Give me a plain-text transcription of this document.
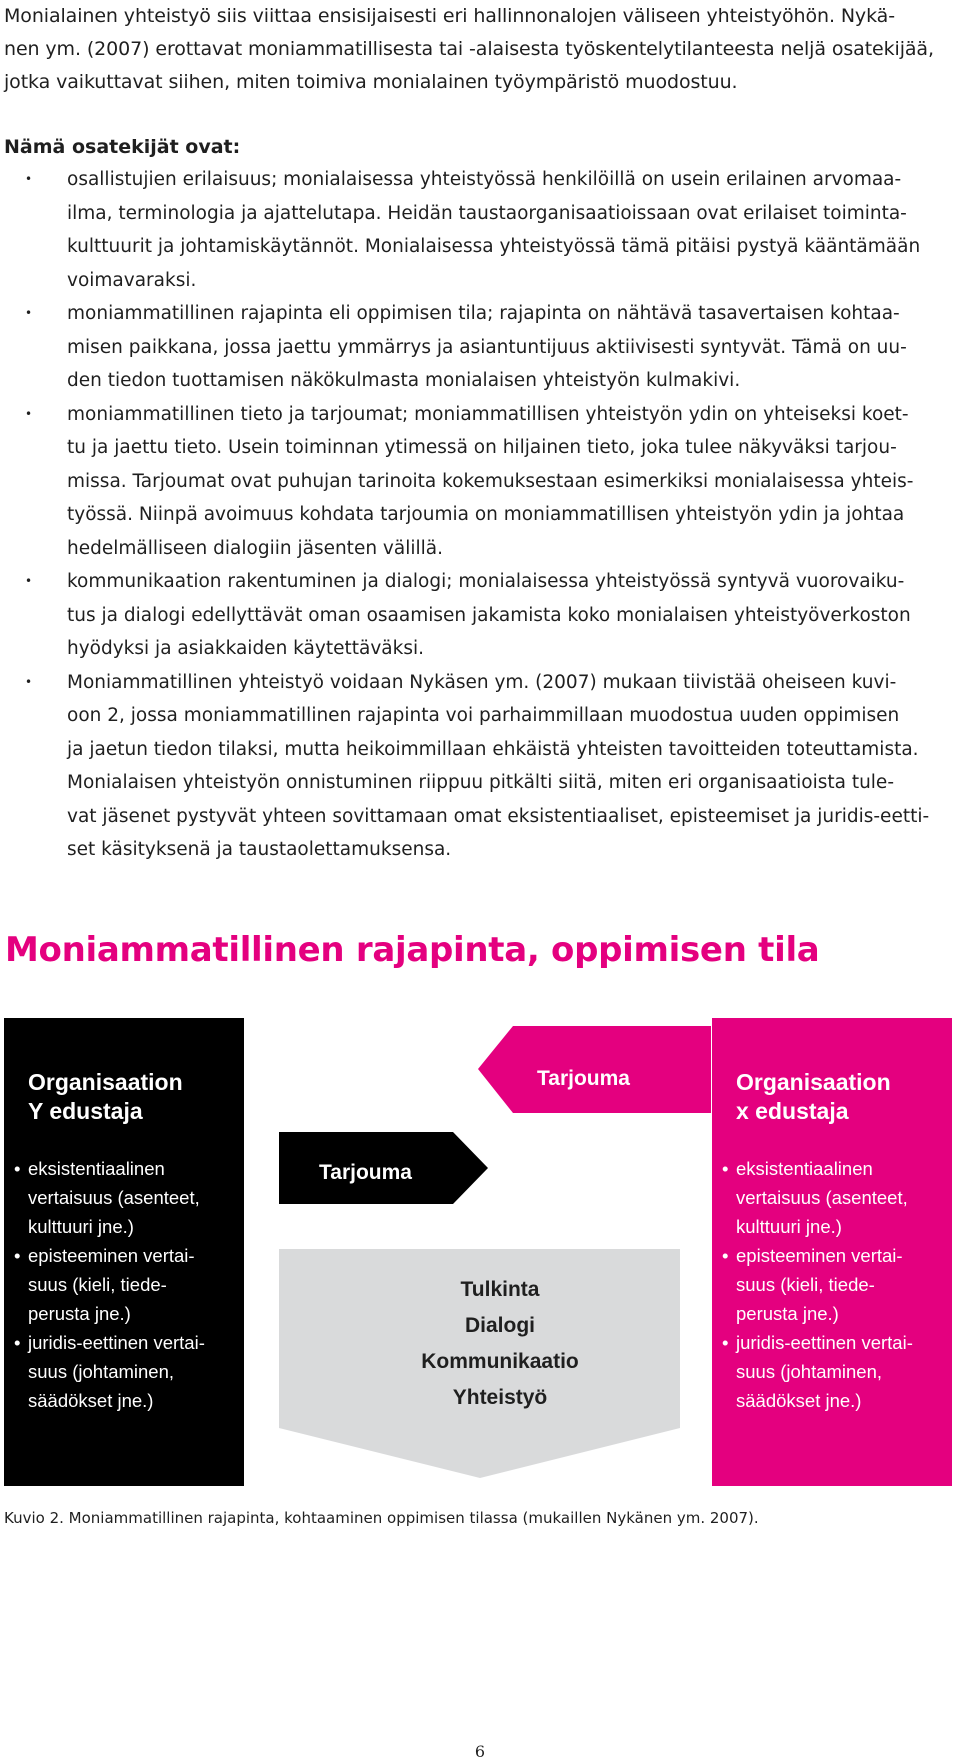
Monialainen yhteistyö siis viittaa ensisijaisesti eri hallinnonalojen väliseen yhteistyöhön. Nykä-
nen ym. (2007) erottavat moniammatillisesta tai -alaisesta työskentelytilanteesta neljä osatekijää,
jotka vaikuttavat siihen, miten toimiva monialainen työympäristö muodostuu.
Nämä osatekijät ovat:
• osallistujien erilaisuus; monialaisessa yhteistyössä henkilöillä on usein erilainen arvomaa-
ilma, terminologia ja ajattelutapa. Heidän taustaorganisaatioissaan ovat erilaiset toiminta-
kulttuurit ja johtamiskäytännöt. Monialaisessa yhteistyössä tämä pitäisi pystyä kääntämään
voimavaraksi.
• moniammatillinen rajapinta eli oppimisen tila; rajapinta on nähtävä tasavertaisen kohtaa-
misen paikkana, jossa jaettu ymmärrys ja asiantuntijuus aktiivisesti syntyvät. Tämä on uu-
den tiedon tuottamisen näkökulmasta monialaisen yhteistyön kulmakivi.
• moniammatillinen tieto ja tarjoumat; moniammatillisen yhteistyön ydin on yhteiseksi koet-
tu ja jaettu tieto. Usein toiminnan ytimessä on hiljainen tieto, joka tulee näkyväksi tarjou-
missa. Tarjoumat ovat puhujan tarinoita kokemuksestaan esimerkiksi monialaisessa yhteis-
työssä. Niinpä avoimuus kohdata tarjoumia on moniammatillisen yhteistyön ydin ja johtaa
hedelmälliseen dialogiin jäsenten välillä.
• kommunikaation rakentuminen ja dialogi; monialaisessa yhteistyössä syntyvä vuorovaiku-
tus ja dialogi edellyttävät oman osaamisen jakamista koko monialaisen yhteistyöverkoston
hyödyksi ja asiakkaiden käytettäväksi.
• Moniammatillinen yhteistyö voidaan Nykäsen ym. (2007) mukaan tiivistää oheiseen kuvi-
oon 2, jossa moniammatillinen rajapinta voi parhaimmillaan muodostua uuden oppimisen
ja jaetun tiedon tilaksi, mutta heikoimmillaan ehkäistä yhteisten tavoitteiden toteuttamista.
Monialaisen yhteistyön onnistuminen riippuu pitkälti siitä, miten eri organisaatioista tule-
vat jäsenet pystyvät yhteen sovittamaan omat eksistentiaaliset, episteemiset ja juridis-eetti-
set käsityksenä ja taustaolettamuksensa.
Moniammatillinen rajapinta, oppimisen tila
Organisaation
Y edustaja
• eksistentiaalinen
vertaisuus (asenteet,
kulttuuri jne.)
• episteeminen vertai-
suus (kieli, tiede-
perusta jne.)
• juridis-eettinen vertai-
suus (johtaminen,
säädökset jne.)
Organisaation
x edustaja
• eksistentiaalinen
vertaisuus (asenteet,
kulttuuri jne.)
• episteeminen vertai-
suus (kieli, tiede-
perusta jne.)
• juridis-eettinen vertai-
suus (johtaminen,
säädökset jne.)
Tarjouma
Tarjouma
Tulkinta
Dialogi
Kommunikaatio
Yhteistyö

Kuvio 2. Moniammatillinen rajapinta, kohtaaminen oppimisen tilassa (mukaillen Nykänen ym. 2007).

6
